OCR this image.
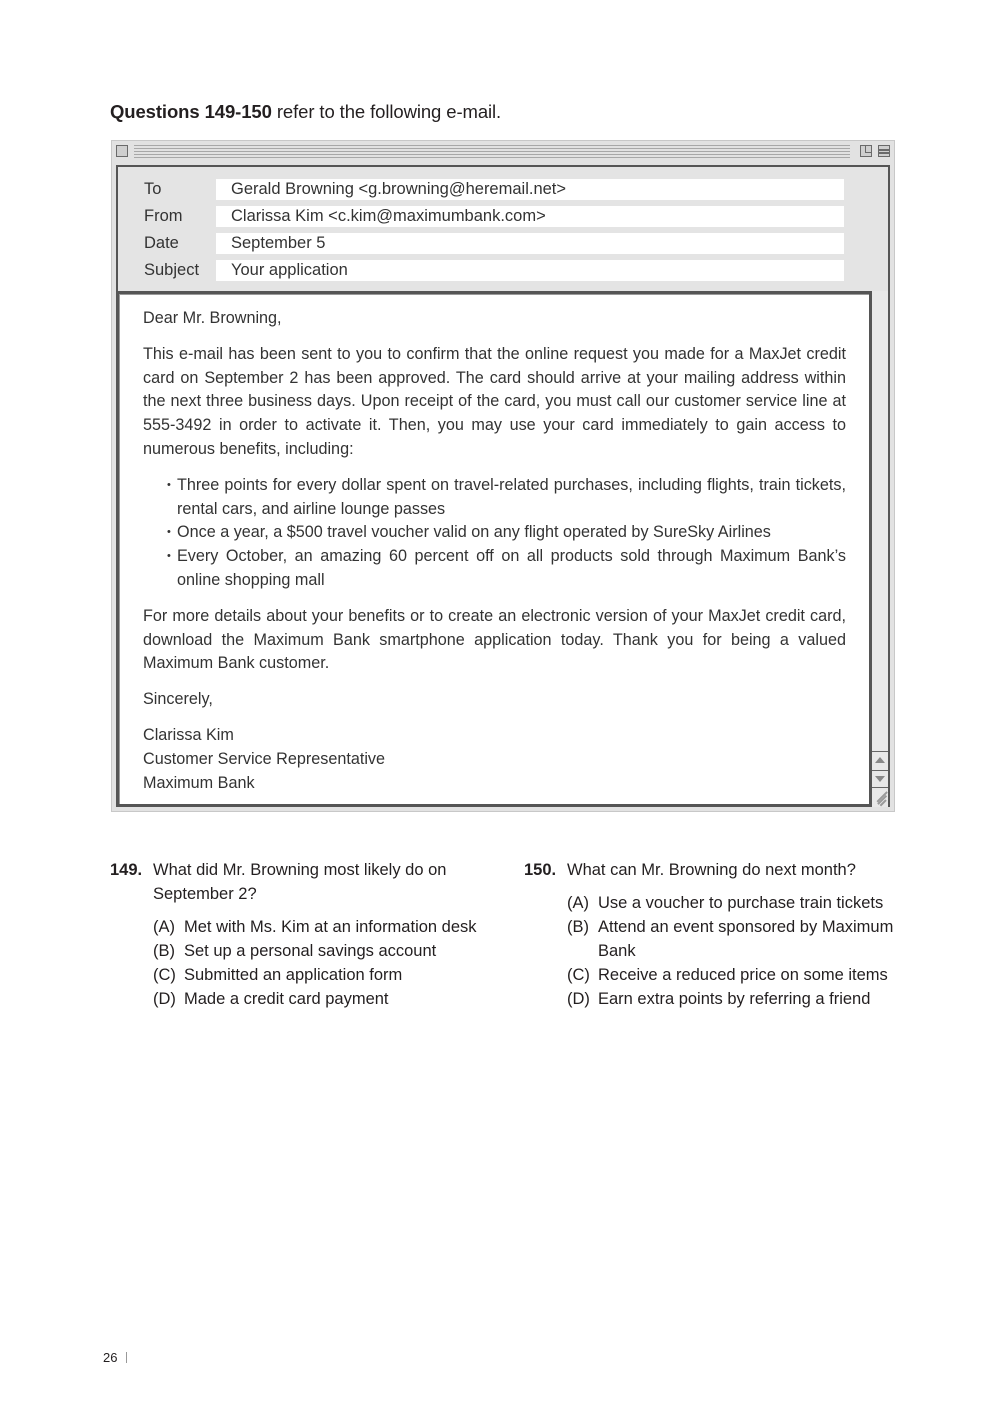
Questions 149-150 refer to the following e-mail.
To	Gerald Browning <g.browning@heremail.net>
From	Clarissa Kim <c.kim@maximumbank.com>
Date	September 5
Subject	Your application

Dear Mr. Browning,

This e-mail has been sent to you to confirm that the online request you made for a MaxJet credit card on September 2 has been approved. The card should arrive at your mailing address within the next three business days. Upon receipt of the card, you must call our customer service line at 555-3492 in order to activate it. Then, you may use your card immediately to gain access to numerous benefits, including:

• Three points for every dollar spent on travel-related purchases, including flights, train tickets, rental cars, and airline lounge passes
• Once a year, a $500 travel voucher valid on any flight operated by SureSky Airlines
• Every October, an amazing 60 percent off on all products sold through Maximum Bank’s online shopping mall

For more details about your benefits or to create an electronic version of your MaxJet credit card, download the Maximum Bank smartphone application today. Thank you for being a valued Maximum Bank customer.

Sincerely,

Clarissa Kim

Customer Service Representative

Maximum Bank

149. What did Mr. Browning most likely do on September 2?
(A) Met with Ms. Kim at an information desk
(B) Set up a personal savings account
(C) Submitted an application form
(D) Made a credit card payment
150. What can Mr. Browning do next month?
(A) Use a voucher to purchase train tickets
(B) Attend an event sponsored by Maximum Bank
(C) Receive a reduced price on some items
(D) Earn extra points by referring a friend
26
